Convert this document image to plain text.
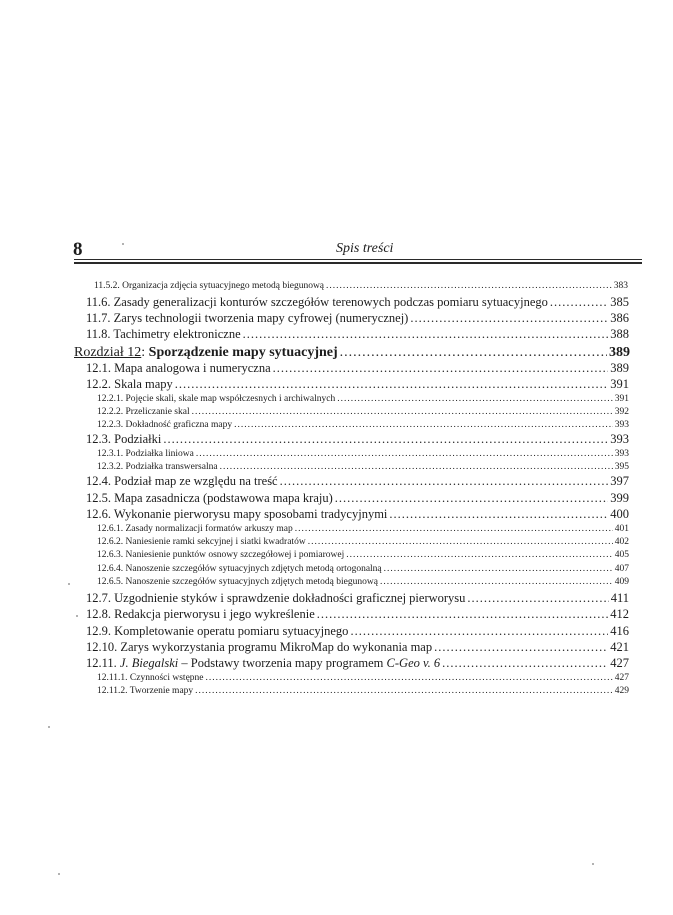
8	Spis treści
11.5.2. Organizacja zdjęcia sytuacyjnego metodą biegunową .....	383
11.6. Zasady generalizacji konturów szczegółów terenowych podczas pomiaru sytuacyjnego .....	385
11.7. Zarys technologii tworzenia mapy cyfrowej (numerycznej) .....	386
11.8. Tachimetry elektroniczne .....	388
Rozdział 12: Sporządzenie mapy sytuacyjnej .....	389
12.1. Mapa analogowa i numeryczna .....	389
12.2. Skala mapy .....	391
12.2.1. Pojęcie skali, skale map współczesnych i archiwalnych .....	391
12.2.2. Przeliczanie skal .....	392
12.2.3. Dokładność graficzna mapy .....	393
12.3. Podziałki .....	393
12.3.1. Podziałka liniowa .....	393
12.3.2. Podziałka transwersalna .....	395
12.4. Podział map ze względu na treść .....	397
12.5. Mapa zasadnicza (podstawowa mapa kraju) .....	399
12.6. Wykonanie pierworysu mapy sposobami tradycyjnymi .....	400
12.6.1. Zasady normalizacji formatów arkuszy map .....	401
12.6.2. Naniesienie ramki sekcyjnej i siatki kwadratów .....	402
12.6.3. Naniesienie punktów osnowy szczegółowej i pomiarowej .....	405
12.6.4. Nanoszenie szczegółów sytuacyjnych zdjętych metodą ortogonalną .....	407
12.6.5. Nanoszenie szczegółów sytuacyjnych zdjętych metodą biegunową .....	409
12.7. Uzgodnienie styków i sprawdzenie dokładności graficznej pierworysu .....	411
12.8. Redakcja pierworysu i jego wykreślenie .....	412
12.9. Kompletowanie operatu pomiaru sytuacyjnego .....	416
12.10. Zarys wykorzystania programu MikroMap do wykonania map .....	421
12.11. J. Biegalski – Podstawy tworzenia mapy programem C-Geo v. 6 .....	427
12.11.1. Czynności wstępne .....	427
12.11.2. Tworzenie mapy .....	429
